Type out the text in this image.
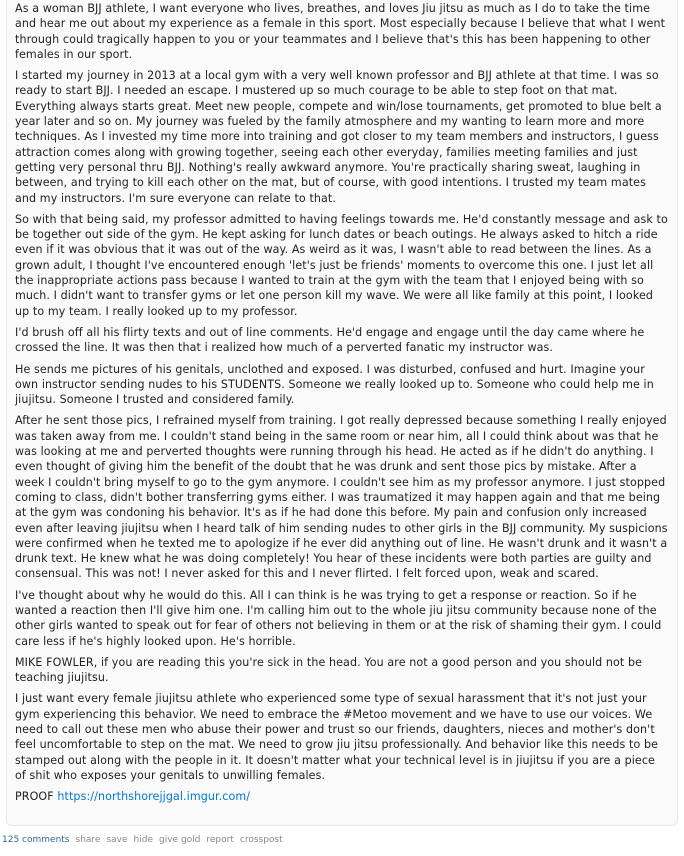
As a woman BJJ athlete, I want everyone who lives, breathes, and loves Jiu jitsu as much as I do to take the time and hear me out about my experience as a female in this sport. Most especially because I believe that what I went through could tragically happen to you or your teammates and I believe that's this has been happening to other females in our sport.

I started my journey in 2013 at a local gym with a very well known professor and BJJ athlete at that time. I was so ready to start BJJ. I needed an escape. I mustered up so much courage to be able to step foot on that mat. Everything always starts great. Meet new people, compete and win/lose tournaments, get promoted to blue belt a year later and so on. My journey was fueled by the family atmosphere and my wanting to learn more and more techniques. As I invested my time more into training and got closer to my team members and instructors, I guess attraction comes along with growing together, seeing each other everyday, families meeting families and just getting very personal thru BJJ. Nothing's really awkward anymore. You're practically sharing sweat, laughing in between, and trying to kill each other on the mat, but of course, with good intentions. I trusted my team mates and my instructors. I'm sure everyone can relate to that.

So with that being said, my professor admitted to having feelings towards me. He'd constantly message and ask to be together out side of the gym. He kept asking for lunch dates or beach outings. He always asked to hitch a ride even if it was obvious that it was out of the way. As weird as it was, I wasn't able to read between the lines. As a grown adult, I thought I've encountered enough 'let's just be friends' moments to overcome this one. I just let all the inappropriate actions pass because I wanted to train at the gym with the team that I enjoyed being with so much. I didn't want to transfer gyms or let one person kill my wave. We were all like family at this point, I looked up to my team. I really looked up to my professor.

I'd brush off all his flirty texts and out of line comments. He'd engage and engage until the day came where he crossed the line. It was then that i realized how much of a perverted fanatic my instructor was.

He sends me pictures of his genitals, unclothed and exposed. I was disturbed, confused and hurt. Imagine your own instructor sending nudes to his STUDENTS. Someone we really looked up to. Someone who could help me in jiujitsu. Someone I trusted and considered family.

After he sent those pics, I refrained myself from training. I got really depressed because something I really enjoyed was taken away from me. I couldn't stand being in the same room or near him, all I could think about was that he was looking at me and perverted thoughts were running through his head. He acted as if he didn't do anything. I even thought of giving him the benefit of the doubt that he was drunk and sent those pics by mistake. After a week I couldn't bring myself to go to the gym anymore. I couldn't see him as my professor anymore. I just stopped coming to class, didn't bother transferring gyms either. I was traumatized it may happen again and that me being at the gym was condoning his behavior. It's as if he had done this before. My pain and confusion only increased even after leaving jiujitsu when I heard talk of him sending nudes to other girls in the BJJ community. My suspicions were confirmed when he texted me to apologize if he ever did anything out of line. He wasn't drunk and it wasn't a drunk text. He knew what he was doing completely! You hear of these incidents were both parties are guilty and consensual. This was not! I never asked for this and I never flirted. I felt forced upon, weak and scared.

I've thought about why he would do this. All I can think is he was trying to get a response or reaction. So if he wanted a reaction then I'll give him one. I'm calling him out to the whole jiu jitsu community because none of the other girls wanted to speak out for fear of others not believing in them or at the risk of shaming their gym. I could care less if he's highly looked upon. He's horrible.

MIKE FOWLER, if you are reading this you're sick in the head. You are not a good person and you should not be teaching jiujitsu.

I just want every female jiujitsu athlete who experienced some type of sexual harassment that it's not just your gym experiencing this behavior. We need to embrace the #Metoo movement and we have to use our voices. We need to call out these men who abuse their power and trust so our friends, daughters, nieces and mother's don't feel uncomfortable to step on the mat. We need to grow jiu jitsu professionally. And behavior like this needs to be stamped out along with the people in it. It doesn't matter what your technical level is in jiujitsu if you are a piece of shit who exposes your genitals to unwilling females.

PROOF https://northshorejjgal.imgur.com/

125 comments share save hide give gold report crosspost
